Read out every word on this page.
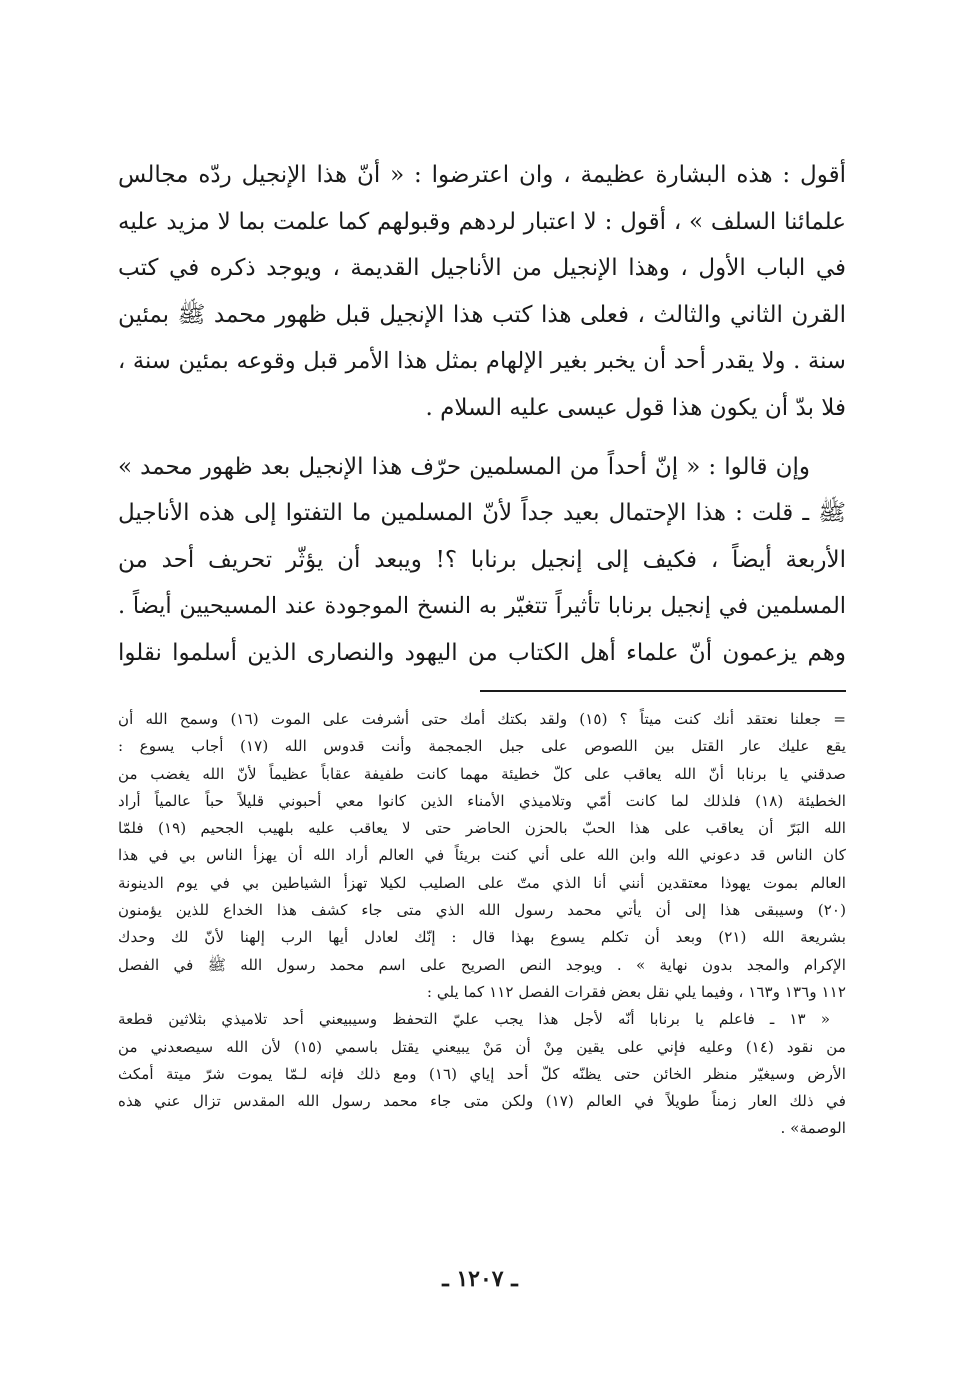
أقول : هذه البشارة عظيمة ، وان اعترضوا : « أنّ هذا الإنجيل ردّه مجالس
علمائنا السلف » ، أقول : لا اعتبار لردهم وقبولهم كما علمت بما لا مزيد عليه
في الباب الأول ، وهذا الإنجيل من الأناجيل القديمة ، ويوجد ذكره في كتب
القرن الثاني والثالث ، فعلى هذا كتب هذا الإنجيل قبل ظهور محمد ﷺ بمئين
سنة . ولا يقدر أحد أن يخبر بغير الإلهام بمثل هذا الأمر قبل وقوعه بمئين سنة ،
فلا بدّ أن يكون هذا قول عيسى عليه السلام .
وإن قالوا : « إنّ أحداً من المسلمين حرّف هذا الإنجيل بعد ظهور محمد »
ﷺ ـ قلت : هذا الإحتمال بعيد جداً لأنّ المسلمين ما التفتوا إلى هذه الأناجيل
الأربعة أيضاً ، فكيف إلى إنجيل برنابا ؟! ويبعد أن يؤثّر تحريف أحد من
المسلمين في إنجيل برنابا تأثيراً تتغيّر به النسخ الموجودة عند المسيحيين أيضاً .
وهم يزعمون أنّ علماء أهل الكتاب من اليهود والنصارى الذين أسلموا نقلوا
= جعلنا نعتقد أنك كنت ميتاً ؟ (١٥) ولقد بكتك أمك حتى أشرفت على الموت (١٦) وسمح الله أن
يقع عليك عار القتل بين اللصوص على جبل الجمجمة وأنت قدوس الله (١٧) أجاب يسوع :
صدقني يا برنابا أنّ الله يعاقب على كلّ خطيئة مهما كانت طفيفة عقاباً عظيماً لأنّ الله يغضب من
الخطيئة (١٨) فلذلك لما كانت أمّي وتلاميذي الأمناء الذين كانوا معي أحبوني قليلاً حباً عالمياً أراد
الله البَرّ أن يعاقب على هذا الحبّ بالحزن الحاضر حتى لا يعاقب عليه بلهيب الجحيم (١٩) فلمّا
كان الناس قد دعوني الله وابن الله على أني كنت بريئاً في العالم أراد الله أن يهزأ الناس بي في هذا
العالم بموت يهوذا معتقدين أنني أنا الذي متّ على الصليب لكيلا تهزأ الشياطين بي في يوم الدينونة
(٢٠) وسيبقى هذا إلى أن يأتي محمد رسول الله الذي متى جاء كشف هذا الخداع للذين يؤمنون
بشريعة الله (٢١) وبعد أن تكلم يسوع بهذا قال : إنّك لعادل أيها الرب إلهنا لأنّ لك وحدك
الإكرام والمجد بدون نهاية » . ويوجد النص الصريح على اسم محمد رسول الله ﷺ في الفصل
١١٢ و١٣٦ و١٦٣ ، وفيما يلي نقل بعض فقرات الفصل ١١٢ كما يلي :
« ١٣ ـ فاعلم يا برنابا أنّه لأجل هذا يجب عليّ التحفظ وسيبيعني أحد تلاميذي بثلاثين قطعة
من نقود (١٤) وعليه فإني على يقين مِنْ أن مَنْ يبيعني يقتل باسمي (١٥) لأن الله سيصعدني من
الأرض وسيغيّر منظر الخائن حتى يظنّه كلّ أحد إياي (١٦) ومع ذلك فإنه لـمّا يموت شرّ ميتة أمكث
في ذلك العار زمناً طويلاً في العالم (١٧) ولكن متى جاء محمد رسول الله المقدس تزال عني هذه
الوصمة» .
ـ ١٢٠٧ ـ
